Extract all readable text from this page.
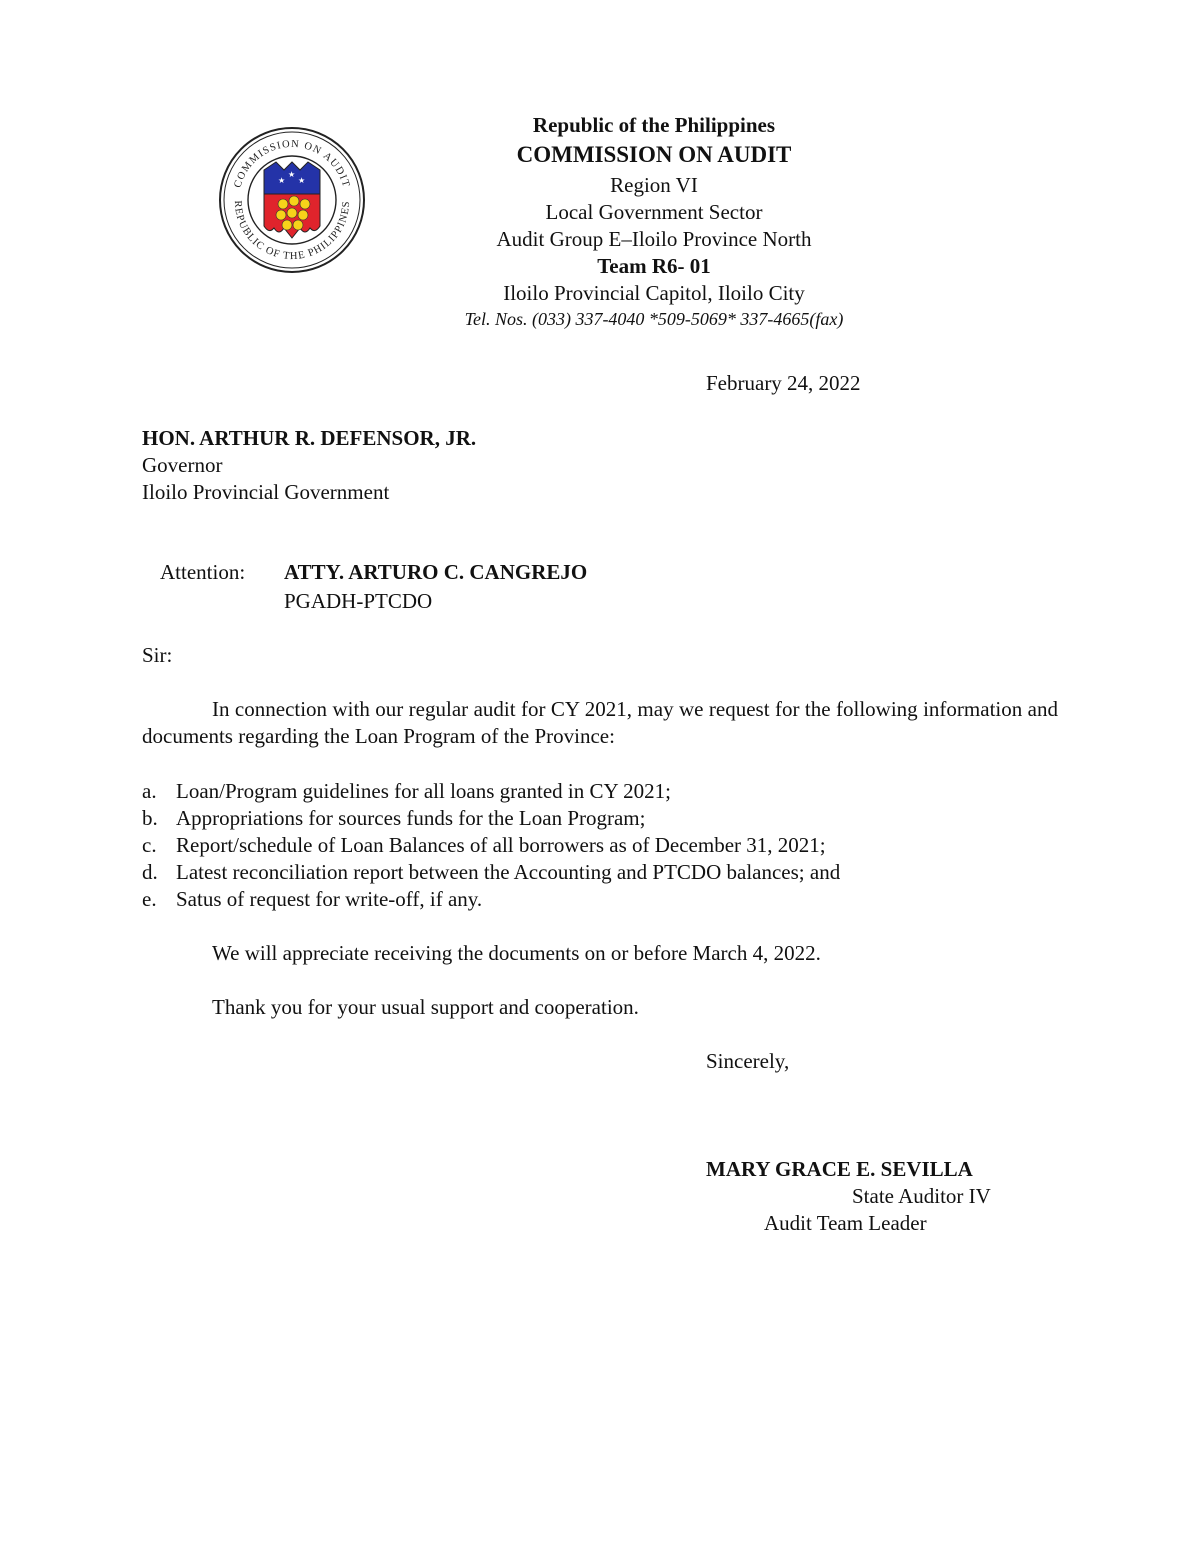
COMMISSION ON AUDIT
REPUBLIC OF THE PHILIPPINES
★
★
★
Republic of the Philippines
COMMISSION ON AUDIT
Region VI
Local Government Sector
Audit Group E–Iloilo Province North
Team R6- 01
Iloilo Provincial Capitol, Iloilo City
Tel. Nos. (033) 337-4040 *509-5069* 337-4665(fax)
February 24, 2022
HON. ARTHUR R. DEFENSOR, JR.
Governor
Iloilo Provincial Government
Attention: ATTY. ARTURO C. CANGREJO
PGADH-PTCDO
Sir:
In connection with our regular audit for CY 2021, may we request for the following information and documents regarding the Loan Program of the Province:
a. Loan/Program guidelines for all loans granted in CY 2021;
b. Appropriations for sources funds for the Loan Program;
c. Report/schedule of Loan Balances of all borrowers as of December 31, 2021;
d. Latest reconciliation report between the Accounting and PTCDO balances; and
e. Satus of request for write-off, if any.
We will appreciate receiving the documents on or before March 4, 2022.
Thank you for your usual support and cooperation.
Sincerely,
MARY GRACE E. SEVILLA
State Auditor IV
Audit Team Leader
